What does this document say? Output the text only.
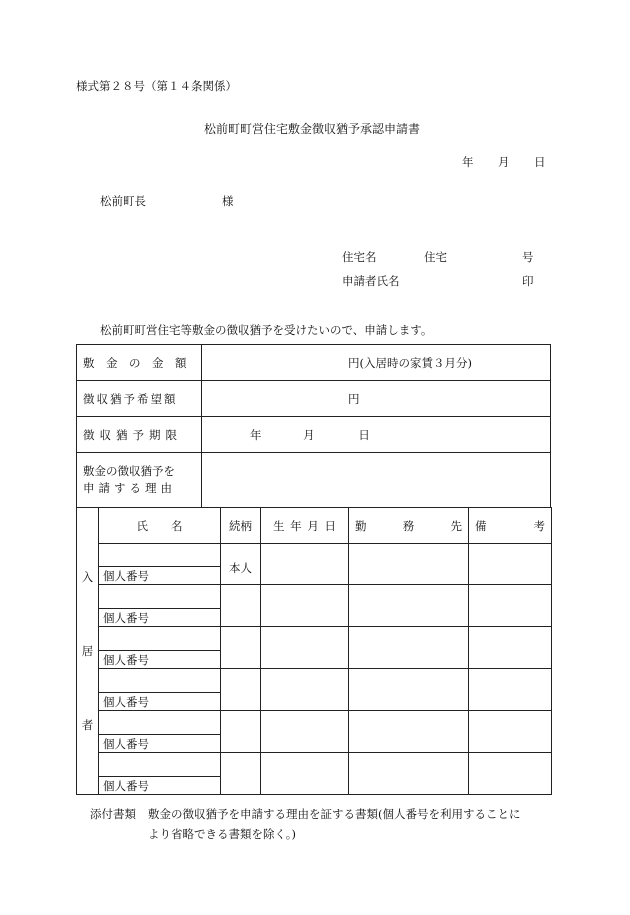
様式第２８号（第１４条関係）
松前町町営住宅敷金徴収猶予承認申請書
年 月 日
松前町長	様
住宅名	住宅	号
申請者氏名	印
松前町町営住宅等敷金の徴収猶予を受けたいので、申請します。
敷　金　の　金　額	円(入居時の家賃３月分)
徴収猶予希望額	円
徴収猶予期限	年 月 日

敷金の徴収猶予を
申請する理由	

入
居
者	氏　　名	続柄	生 年 月 日	勤 務 先	備 考

		本人			
	個人番号				

	個人番号				

	個人番号				

	個人番号				

	個人番号				

	個人番号				
添付書類 敷金の徴収猶予を申請する理由を証する書類(個人番号を利用することに
より省略できる書類を除く。)
